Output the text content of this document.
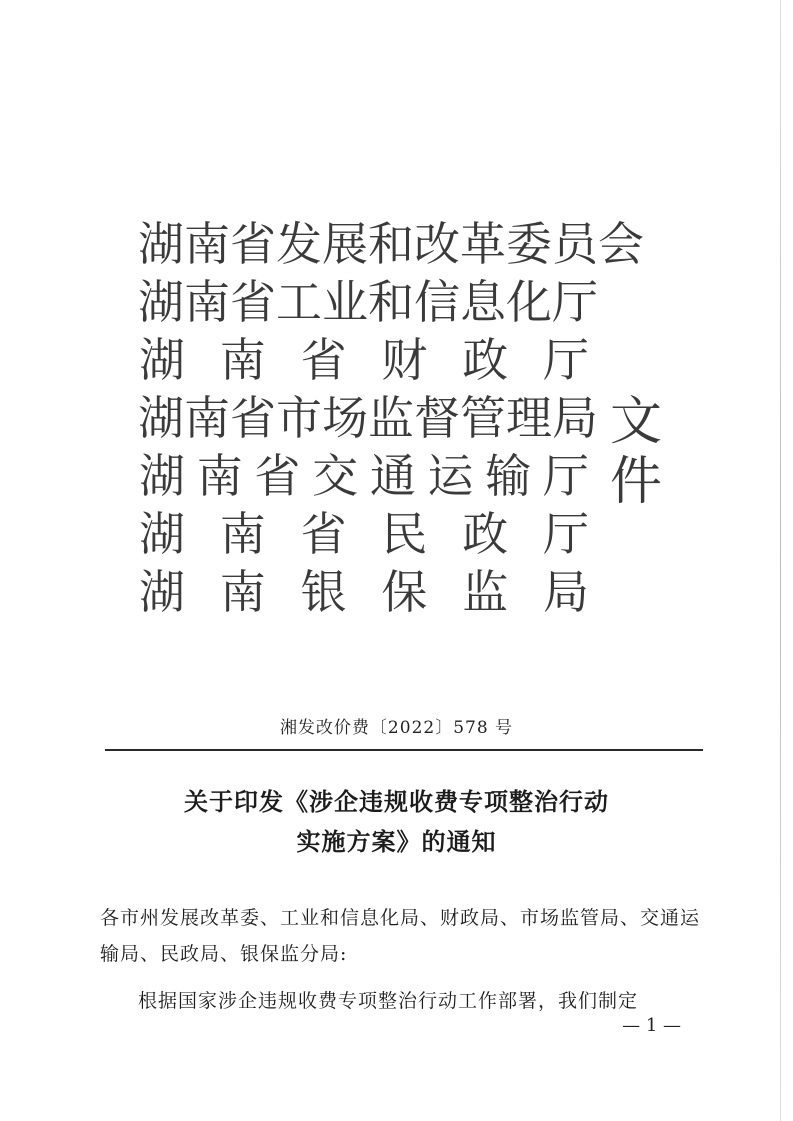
文件
湖 南 省 发 展 和 改 革 委 员 会
湖 南 省 工 业 和 信 息 化 厅
湖 南 省 财 政 厅
湖 南 省 市 场 监 督 管 理 局
湖 南 省 交 通 运 输 厅
湖 南 省 民 政 厅
湖 南 银 保 监 局
湘发改价费〔2022〕578 号
关于印发《涉企违规收费专项整治行动
实施方案》的通知
各市州发展改革委、工业和信息化局、财政局、市场监管局、交通运输局、民政局、银保监分局:
根据国家涉企违规收费专项整治行动工作部署，我们制定
— 1 —
